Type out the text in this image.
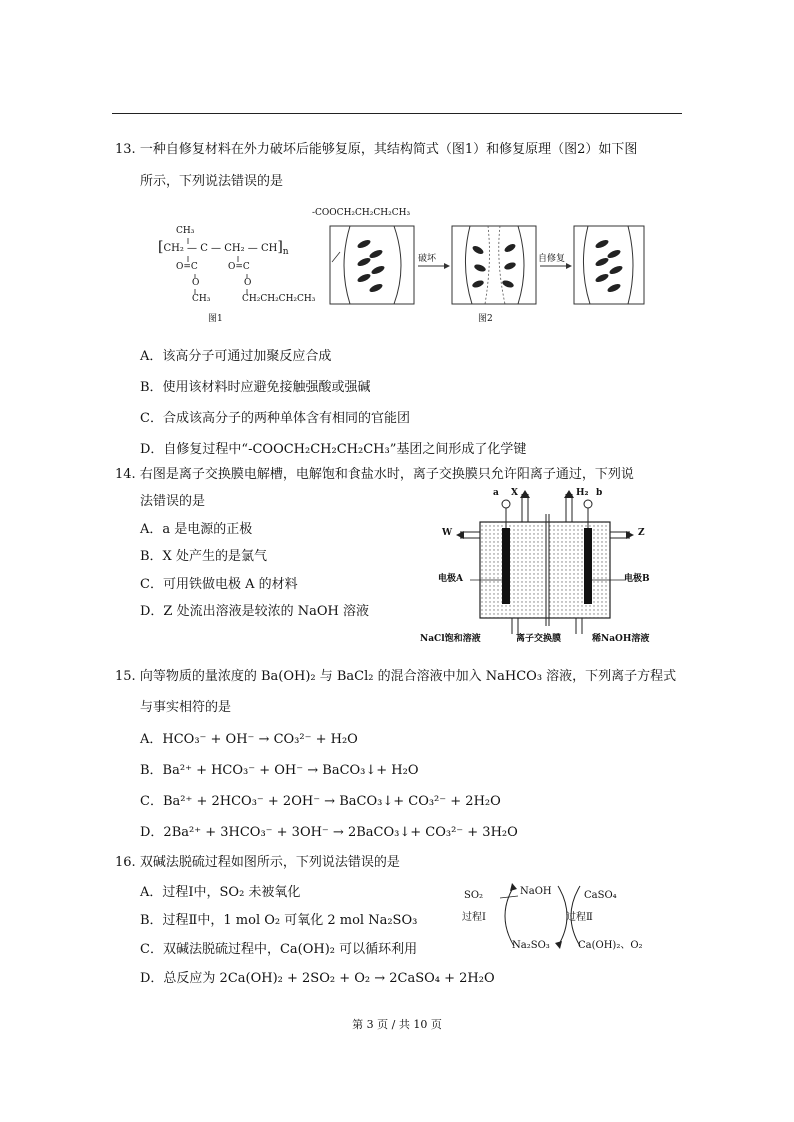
13. 一种自修复材料在外力破坏后能够复原，其结构简式（图1）和修复原理（图2）如下图
所示，下列说法错误的是
CH₃
[CH₂ — C — CH₂ — $CH]_n$
O=C	O=C
O	O
CH₃	CH₂CH₂CH₂CH₃
图1
-COOCH₂CH₂CH₂CH₃
破坏	自修复
图2
A．该高分子可通过加聚反应合成
B．使用该材料时应避免接触强酸或强碱
C．合成该高分子的两种单体含有相同的官能团
D．自修复过程中“-COOCH₂CH₂CH₂CH₃”基团之间形成了化学键
14. 右图是离子交换膜电解槽，电解饱和食盐水时，离子交换膜只允许阳离子通过，下列说
法错误的是
A．a 是电源的正极
B．X 处产生的是氯气
C．可用铁做电极 A 的材料
D．Z 处流出溶液是较浓的 NaOH 溶液
a X	H₂ b
W	Z
电极A	电极B
NaCl饱和溶液	离子交换膜	稀NaOH溶液
15. 向等物质的量浓度的 Ba(OH)₂ 与 BaCl₂ 的混合溶液中加入 NaHCO₃ 溶液，下列离子方程式
与事实相符的是
A．HCO₃⁻ + OH⁻ → CO₃²⁻ + H₂O
B．Ba²⁺ + HCO₃⁻ + OH⁻ → BaCO₃↓+ H₂O
C．Ba²⁺ + 2HCO₃⁻ + 2OH⁻ → BaCO₃↓+ CO₃²⁻ + 2H₂O
D．2Ba²⁺ + 3HCO₃⁻ + 3OH⁻ → 2BaCO₃↓+ CO₃²⁻ + 3H₂O
16. 双碱法脱硫过程如图所示，下列说法错误的是
A．过程Ⅰ中，SO₂ 未被氧化
B．过程Ⅱ中，1 mol O₂ 可氧化 2 mol Na₂SO₃
C．双碱法脱硫过程中，Ca(OH)₂ 可以循环利用
D．总反应为 2Ca(OH)₂ + 2SO₂ + O₂ → 2CaSO₄ + 2H₂O
SO₂	NaOH	CaSO₄
过程Ⅰ	过程Ⅱ
Na₂SO₃	Ca(OH)₂、O₂
第 3 页 / 共 10 页
